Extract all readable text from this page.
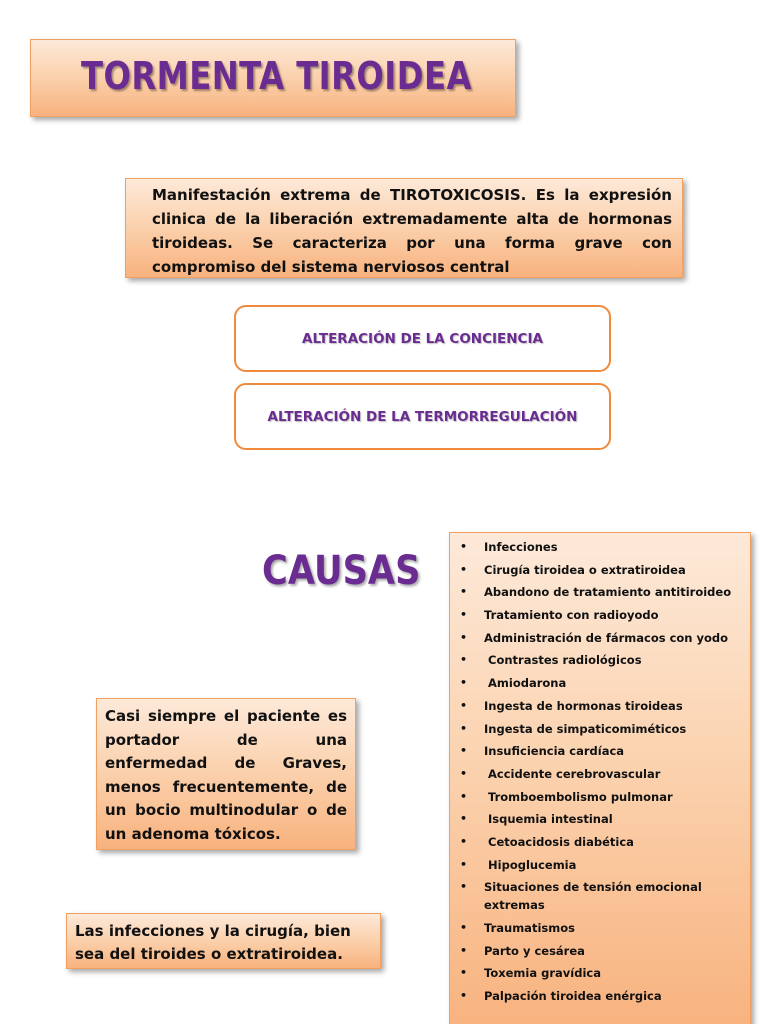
TORMENTA TIROIDEA

Manifestación extrema de TIROTOXICOSIS. Es la expresión clinica de la liberación extremadamente alta de hormonas tiroideas. Se caracteriza por una forma grave con compromiso del sistema nerviosos central

ALTERACIÓN DE LA CONCIENCIA
ALTERACIÓN DE LA TERMORREGULACIÓN
CAUSAS
•	Infecciones
•	Cirugía tiroidea o extratiroidea
•	Abandono de tratamiento antitiroideo
•	Tratamiento con radioyodo
•	Administración de fármacos con yodo
•	Contrastes radiológicos
•	Amiodarona
•	Ingesta de hormonas tiroideas
•	Ingesta de simpaticomiméticos
•	Insuficiencia cardíaca
•	Accidente cerebrovascular
•	Tromboembolismo pulmonar
•	Isquemia intestinal
•	Cetoacidosis diabética
•	Hipoglucemia
•	Situaciones de tensión emocional extremas
•	Traumatismos
•	Parto y cesárea
•	Toxemia gravídica
•	Palpación tiroidea enérgica

Casi siempre el paciente es portador de una enfermedad de Graves, menos frecuentemente, de un bocio multinodular o de un adenoma tóxicos.

Las infecciones y la cirugía, bien sea del tiroides o extratiroidea.
